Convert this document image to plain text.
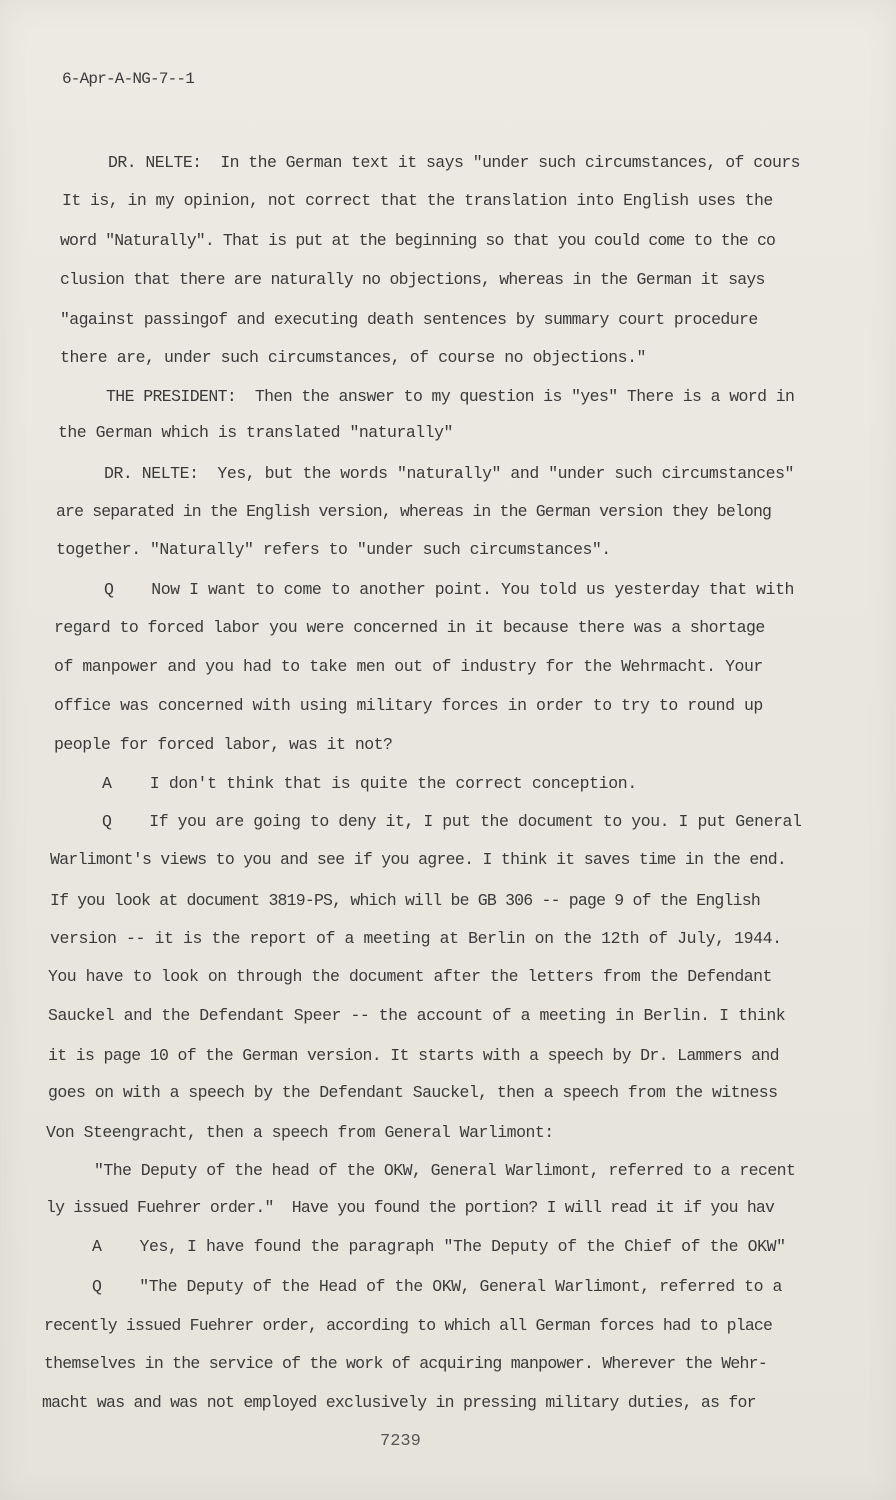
6-Apr-A-NG-7--1
DR. NELTE:  In the German text it says "under such circumstances, of cours
It is, in my opinion, not correct that the translation into English uses the
word "Naturally". That is put at the beginning so that you could come to the co
clusion that there are naturally no objections, whereas in the German it says
"against passingof and executing death sentences by summary court procedure
there are, under such circumstances, of course no objections."
THE PRESIDENT:  Then the answer to my question is "yes" There is a word in
the German which is translated "naturally"
DR. NELTE:  Yes, but the words "naturally" and "under such circumstances"
are separated in the English version, whereas in the German version they belong
together. "Naturally" refers to "under such circumstances".
Q    Now I want to come to another point. You told us yesterday that with
regard to forced labor you were concerned in it because there was a shortage
of manpower and you had to take men out of industry for the Wehrmacht. Your
office was concerned with using military forces in order to try to round up
people for forced labor, was it not?
A    I don't think that is quite the correct conception.
Q    If you are going to deny it, I put the document to you. I put General
Warlimont's views to you and see if you agree. I think it saves time in the end.
If you look at document 3819-PS, which will be GB 306 -- page 9 of the English
version -- it is the report of a meeting at Berlin on the 12th of July, 1944.
You have to look on through the document after the letters from the Defendant
Sauckel and the Defendant Speer -- the account of a meeting in Berlin. I think
it is page 10 of the German version. It starts with a speech by Dr. Lammers and
goes on with a speech by the Defendant Sauckel, then a speech from the witness
Von Steengracht, then a speech from General Warlimont:
"The Deputy of the head of the OKW, General Warlimont, referred to a recent
ly issued Fuehrer order."  Have you found the portion? I will read it if you hav
A    Yes, I have found the paragraph "The Deputy of the Chief of the OKW"
Q    "The Deputy of the Head of the OKW, General Warlimont, referred to a
recently issued Fuehrer order, according to which all German forces had to place
themselves in the service of the work of acquiring manpower. Wherever the Wehr-
macht was and was not employed exclusively in pressing military duties, as for
7239
